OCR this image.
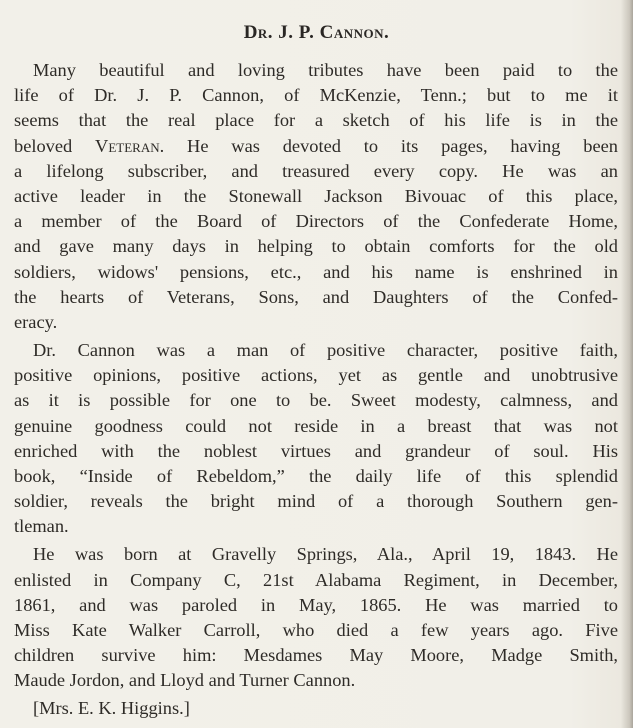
Dr. J. P. Cannon.
Many beautiful and loving tributes have been paid to the
life of Dr. J. P. Cannon, of McKenzie, Tenn.; but to me it
seems that the real place for a sketch of his life is in the
beloved Veteran. He was devoted to its pages, having been
a lifelong subscriber, and treasured every copy. He was an
active leader in the Stonewall Jackson Bivouac of this place,
a member of the Board of Directors of the Confederate Home,
and gave many days in helping to obtain comforts for the old
soldiers, widows' pensions, etc., and his name is enshrined in
the hearts of Veterans, Sons, and Daughters of the Confed-
eracy.
Dr. Cannon was a man of positive character, positive faith,
positive opinions, positive actions, yet as gentle and unobtrusive
as it is possible for one to be. Sweet modesty, calmness, and
genuine goodness could not reside in a breast that was not
enriched with the noblest virtues and grandeur of soul. His
book, “Inside of Rebeldom,” the daily life of this splendid
soldier, reveals the bright mind of a thorough Southern gen-
tleman.
He was born at Gravelly Springs, Ala., April 19, 1843. He
enlisted in Company C, 21st Alabama Regiment, in December,
1861, and was paroled in May, 1865. He was married to
Miss Kate Walker Carroll, who died a few years ago. Five
children survive him: Mesdames May Moore, Madge Smith,
Maude Jordon, and Lloyd and Turner Cannon.

[Mrs. E. K. Higgins.]
